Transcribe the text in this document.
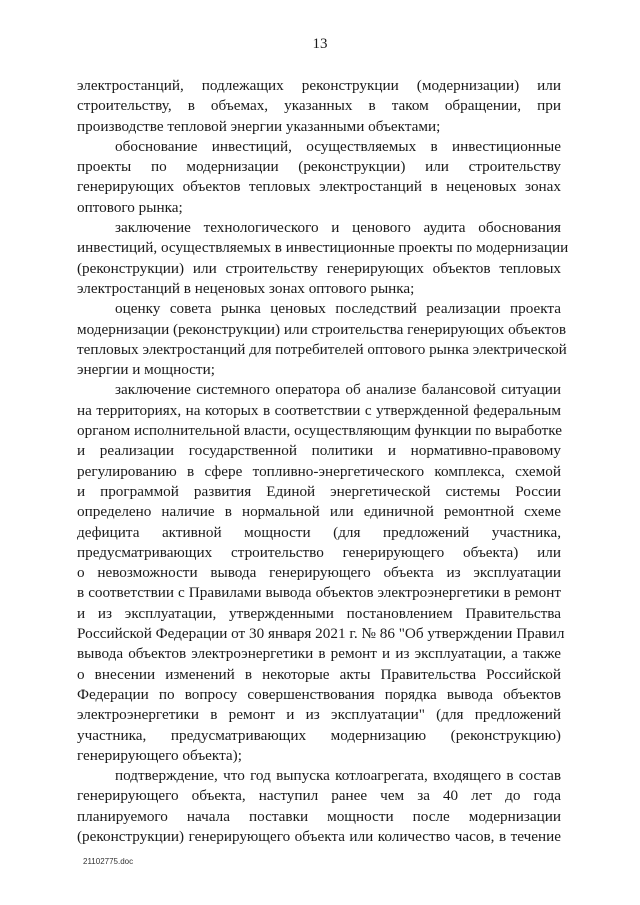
13
электростанций, подлежащих реконструкции (модернизации) или
строительству, в объемах, указанных в таком обращении, при
производстве тепловой энергии указанными объектами;
обоснование инвестиций, осуществляемых в инвестиционные
проекты по модернизации (реконструкции) или строительству
генерирующих объектов тепловых электростанций в неценовых зонах
оптового рынка;
заключение технологического и ценового аудита обоснования
инвестиций, осуществляемых в инвестиционные проекты по модернизации
(реконструкции) или строительству генерирующих объектов тепловых
электростанций в неценовых зонах оптового рынка;
оценку совета рынка ценовых последствий реализации проекта
модернизации (реконструкции) или строительства генерирующих объектов
тепловых электростанций для потребителей оптового рынка электрической
энергии и мощности;
заключение системного оператора об анализе балансовой ситуации
на территориях, на которых в соответствии с утвержденной федеральным
органом исполнительной власти, осуществляющим функции по выработке
и реализации государственной политики и нормативно-правовому
регулированию в сфере топливно-энергетического комплекса, схемой
и программой развития Единой энергетической системы России
определено наличие в нормальной или единичной ремонтной схеме
дефицита активной мощности (для предложений участника,
предусматривающих строительство генерирующего объекта) или
о невозможности вывода генерирующего объекта из эксплуатации
в соответствии с Правилами вывода объектов электроэнергетики в ремонт
и из эксплуатации, утвержденными постановлением Правительства
Российской Федерации от 30 января 2021 г. № 86 "Об утверждении Правил
вывода объектов электроэнергетики в ремонт и из эксплуатации, а также
о внесении изменений в некоторые акты Правительства Российской
Федерации по вопросу совершенствования порядка вывода объектов
электроэнергетики в ремонт и из эксплуатации" (для предложений
участника, предусматривающих модернизацию (реконструкцию)
генерирующего объекта);
подтверждение, что год выпуска котлоагрегата, входящего в состав
генерирующего объекта, наступил ранее чем за 40 лет до года
планируемого начала поставки мощности после модернизации
(реконструкции) генерирующего объекта или количество часов, в течение
21102775.doc
